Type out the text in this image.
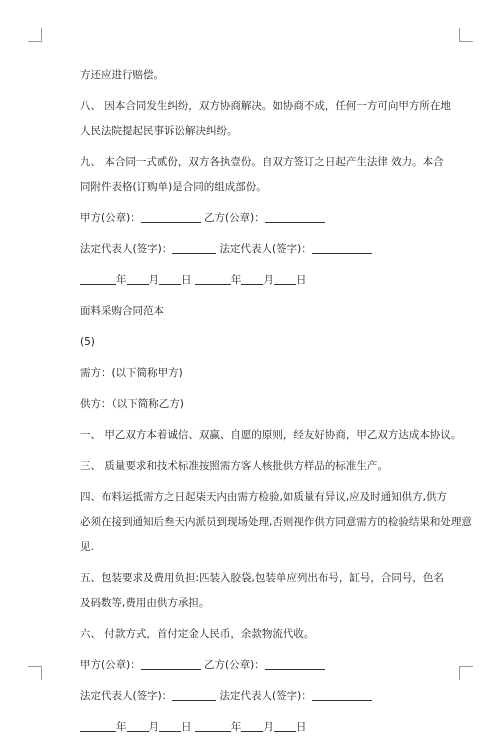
方还应进行赔偿。

八、 因本合同发生纠纷，双方协商解决。如协商不成，任何一方可向甲方所在地

人民法院提起民事诉讼解决纠纷。

九、 本合同一式贰份，双方各执壹份。自双方签订之日起产生法律 效力。本合

同附件表格(订购单)是合同的组成部份。

甲方(公章)：	乙方(公章)：

法定代表人(签字)：	法定代表人(签字)：

年 月 日	年 月 日

面料采购合同范本

(5)

需方：(以下简称甲方)

供方：（以下简称乙方)

一、 甲乙双方本着诚信、双赢、自愿的原则，经友好协商，甲乙双方达成本协议。

三、 质量要求和技术标准按照需方客人核批供方样品的标准生产。

四、布料运抵需方之日起柒天内由需方检验,如质量有异议,应及时通知供方,供方

必须在接到通知后叁天内派员到现场处理,否则视作供方同意需方的检验结果和处理意

见.

五、包装要求及费用负担:匹装入胶袋,包装单应列出布号，缸号，合同号，色名

及码数等,费用由供方承担。

六、 付款方式，首付定金人民币，余款物流代收。

甲方(公章)：	乙方(公章)：

法定代表人(签字)：	法定代表人(签字)：

年 月 日	年 月 日
